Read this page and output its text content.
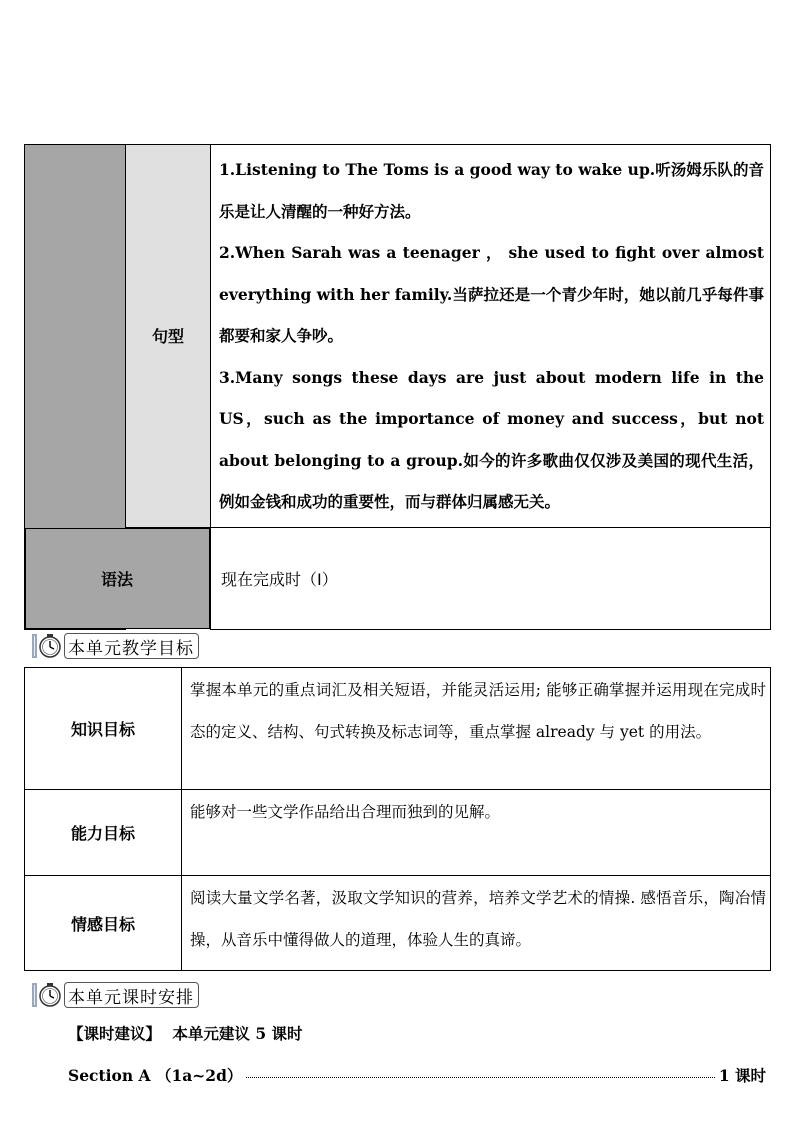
	句型	1.Listening to The Toms is a good way to wake up.听汤姆乐队的音乐是让人清醒的一种好方法。

2.When Sarah was a teenager ， she used to fight over almost everything with her family.当萨拉还是一个青少年时，她以前几乎每件事都要和家人争吵。

3.Many songs these days are just about modern life in the US，such as the importance of money and success，but not about belonging to a group.如今的许多歌曲仅仅涉及美国的现代生活，例如金钱和成功的重要性，而与群体归属感无关。

语法	现在完成时（Ⅰ）
本单元教学目标
知识目标	掌握本单元的重点词汇及相关短语，并能灵活运用; 能够正确掌握并运用现在完成时态的定义、结构、句式转换及标志词等，重点掌握 already 与 yet 的用法。
能力目标	能够对一些文学作品给出合理而独到的见解。
情感目标	阅读大量文学名著，汲取文学知识的营养，培养文学艺术的情操. 感悟音乐，陶冶情操，从音乐中懂得做人的道理，体验人生的真谛。
本单元课时安排
【课时建议】 本单元建议 5 课时
Section A （1a~2d）	1 课时
